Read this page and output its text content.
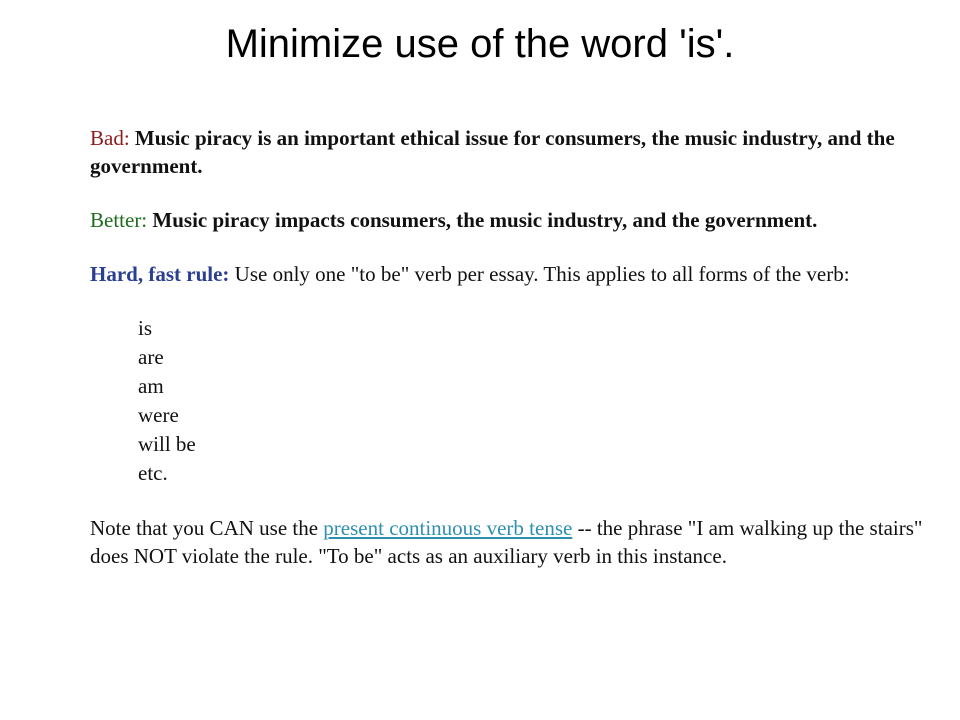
Minimize use of the word 'is'.

Bad: Music piracy is an important ethical issue for consumers, the music industry, and the government.

Better: Music piracy impacts consumers, the music industry, and the government.

Hard, fast rule: Use only one "to be" verb per essay. This applies to all forms of the verb:

is
are
am
were
will be
etc.

Note that you CAN use the present continuous verb tense -- the phrase "I am walking up the stairs" does NOT violate the rule. "To be" acts as an auxiliary verb in this instance.
